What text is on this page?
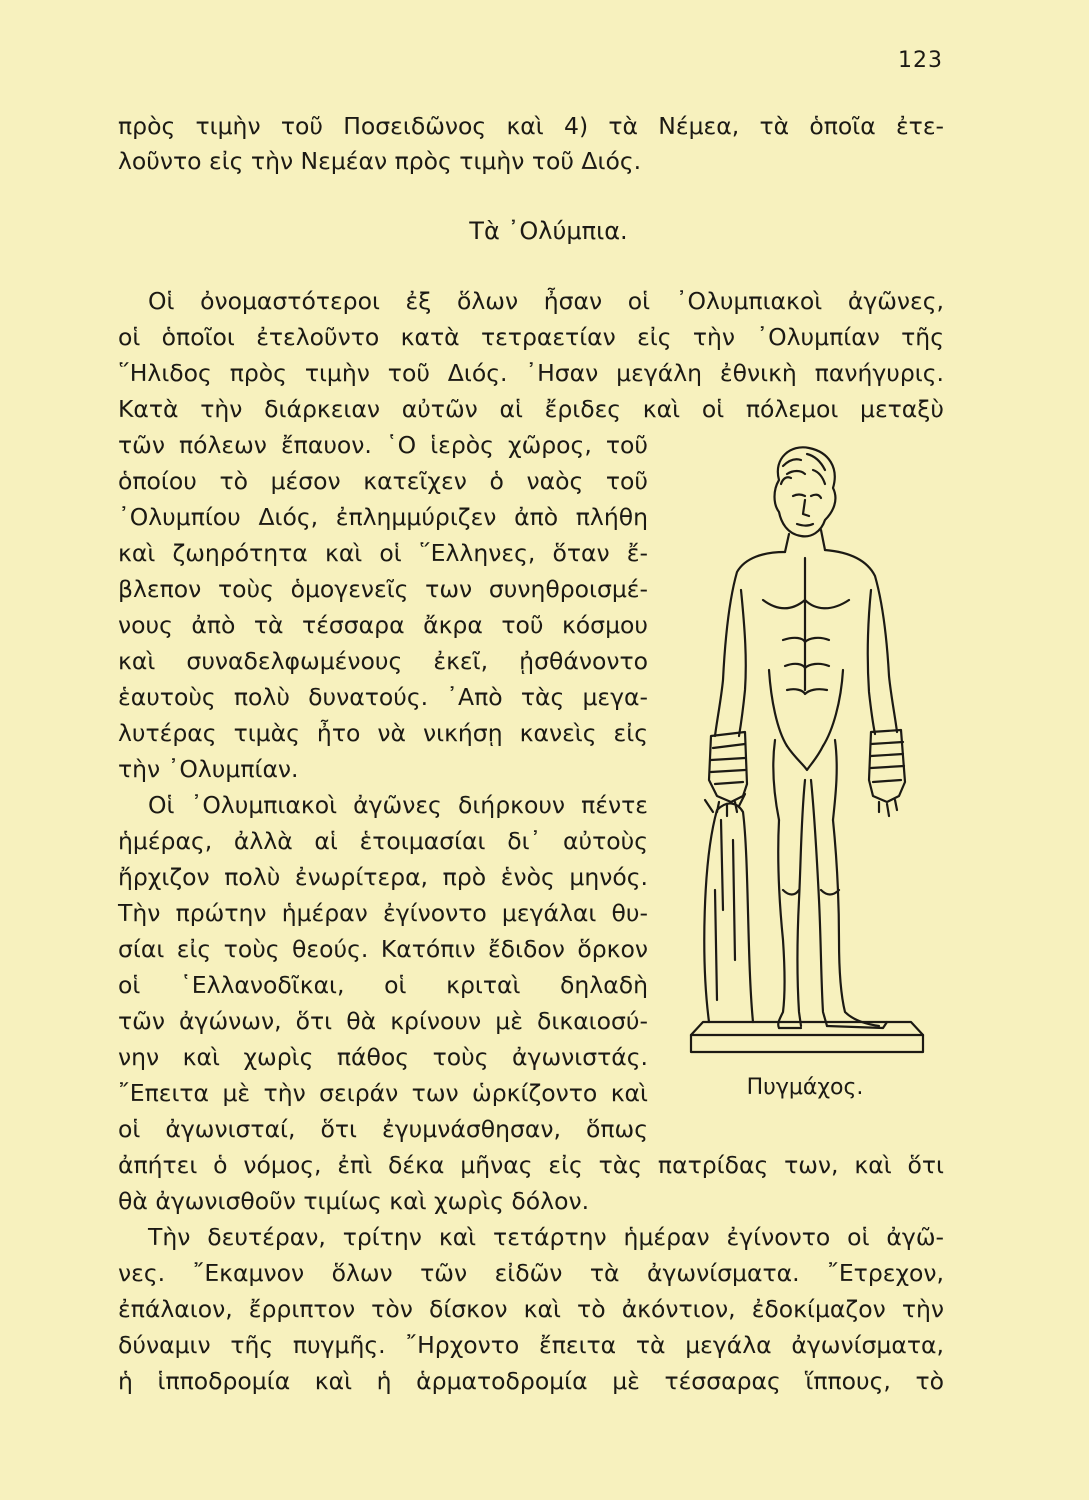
123
πρὸς τιμὴν τοῦ Ποσειδῶνος καὶ 4) τὰ Νέμεα, τὰ ὁποῖα ἐτε-
λοῦντο εἰς τὴν Νεμέαν πρὸς τιμὴν τοῦ Διός.
Τὰ ᾿Ολύμπια.
Οἱ ὀνομαστότεροι ἐξ ὅλων ἦσαν οἱ ᾿Ολυμπιακοὶ ἀγῶνες,
οἱ ὁποῖοι ἐτελοῦντο κατὰ τετραετίαν εἰς τὴν ᾿Ολυμπίαν τῆς
῞Ηλιδος πρὸς τιμὴν τοῦ Διός. ᾿Ησαν μεγάλη ἐθνικὴ πανήγυρις.
Κατὰ τὴν διάρκειαν αὐτῶν αἱ ἔριδες καὶ οἱ πόλεμοι μεταξὺ
τῶν πόλεων ἔπαυον. ῾Ο ἱερὸς χῶρος, τοῦ
ὁποίου τὸ μέσον κατεῖχεν ὁ ναὸς τοῦ
᾿Ολυμπίου Διός, ἐπλημμύριζεν ἀπὸ πλήθη
καὶ ζωηρότητα καὶ οἱ ῞Ελληνες, ὅταν ἔ-
βλεπον τοὺς ὁμογενεῖς των συνηθροισμέ-
νους ἀπὸ τὰ τέσσαρα ἄκρα τοῦ κόσμου
καὶ συναδελφωμένους ἐκεῖ, ᾐσθάνοντο
ἑαυτοὺς πολὺ δυνατούς. ᾿Απὸ τὰς μεγα-
λυτέρας τιμὰς ἦτο νὰ νικήσῃ κανεὶς εἰς
τὴν ᾿Ολυμπίαν.
Οἱ ᾿Ολυμπιακοὶ ἀγῶνες διήρκουν πέντε
ἡμέρας, ἀλλὰ αἱ ἑτοιμασίαι δι᾿ αὐτοὺς
ἤρχιζον πολὺ ἐνωρίτερα, πρὸ ἑνὸς μηνός.
Τὴν πρώτην ἡμέραν ἐγίνοντο μεγάλαι θυ-
σίαι εἰς τοὺς θεούς. Κατόπιν ἔδιδον ὅρκον
οἱ ῾Ελλανοδῖκαι, οἱ κριταὶ δηλαδὴ
τῶν ἀγώνων, ὅτι θὰ κρίνουν μὲ δικαιοσύ-
νην καὶ χωρὶς πάθος τοὺς ἀγωνιστάς.
῎Επειτα μὲ τὴν σειράν των ὡρκίζοντο καὶ
οἱ ἀγωνισταί, ὅτι ἐγυμνάσθησαν, ὅπως
ἀπήτει ὁ νόμος, ἐπὶ δέκα μῆνας εἰς τὰς πατρίδας των, καὶ ὅτι
θὰ ἀγωνισθοῦν τιμίως καὶ χωρὶς δόλον.
Τὴν δευτέραν, τρίτην καὶ τετάρτην ἡμέραν ἐγίνοντο οἱ ἀγῶ-
νες. ῎Εκαμνον ὅλων τῶν εἰδῶν τὰ ἀγωνίσματα. ῎Ετρεχον,
ἐπάλαιον, ἔρριπτον τὸν δίσκον καὶ τὸ ἀκόντιον, ἐδοκίμαζον τὴν
δύναμιν τῆς πυγμῆς. ῎Ηρχοντο ἔπειτα τὰ μεγάλα ἀγωνίσματα,
ἡ ἱπποδρομία καὶ ἡ ἁρματοδρομία μὲ τέσσαρας ἵππους, τὸ
Πυγμάχος.
